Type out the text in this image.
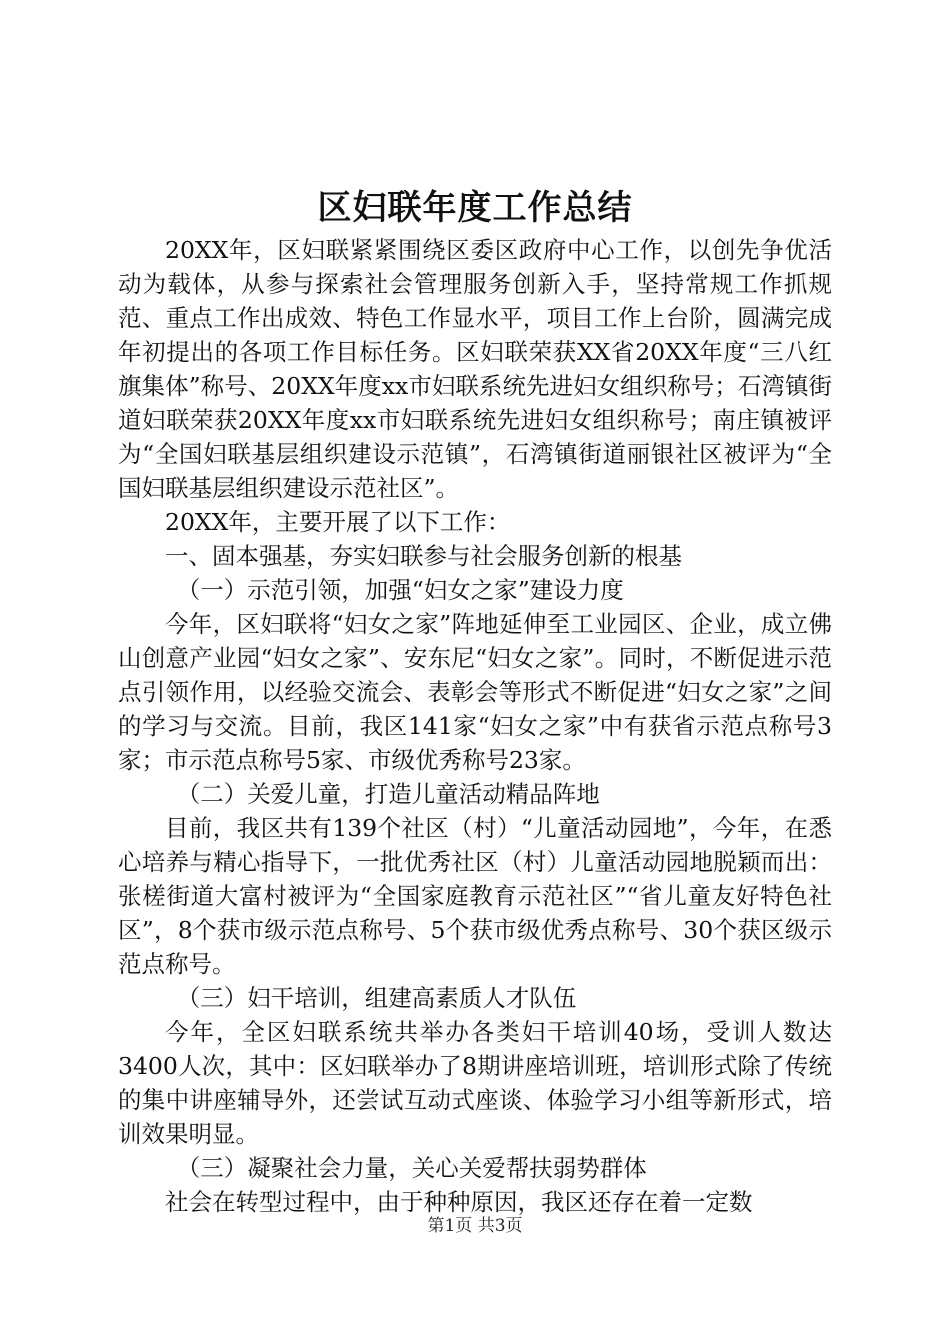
区妇联年度工作总结

20XX年，区妇联紧紧围绕区委区政府中心工作，以创先争优活动为载体，从参与探索社会管理服务创新入手，坚持常规工作抓规范、重点工作出成效、特色工作显水平，项目工作上台阶，圆满完成年初提出的各项工作目标任务。区妇联荣获XX省20XX年度“三八红旗集体”称号、20XX年度xx市妇联系统先进妇女组织称号；石湾镇街道妇联荣获20XX年度xx市妇联系统先进妇女组织称号；南庄镇被评为“全国妇联基层组织建设示范镇”，石湾镇街道丽银社区被评为“全国妇联基层组织建设示范社区”。

20XX年，主要开展了以下工作：

一、固本强基，夯实妇联参与社会服务创新的根基

（一）示范引领，加强“妇女之家”建设力度

今年，区妇联将“妇女之家”阵地延伸至工业园区、企业，成立佛山创意产业园“妇女之家”、安东尼“妇女之家”。同时，不断促进示范点引领作用，以经验交流会、表彰会等形式不断促进“妇女之家”之间的学习与交流。目前，我区141家“妇女之家”中有获省示范点称号3家；市示范点称号5家、市级优秀称号23家。

（二）关爱儿童，打造儿童活动精品阵地

目前，我区共有139个社区（村）“儿童活动园地”，今年，在悉心培养与精心指导下，一批优秀社区（村）儿童活动园地脱颖而出：张槎街道大富村被评为“全国家庭教育示范社区”“省儿童友好特色社区”，8个获市级示范点称号、5个获市级优秀点称号、30个获区级示范点称号。

（三）妇干培训，组建高素质人才队伍

今年，全区妇联系统共举办各类妇干培训40场，受训人数达3400人次，其中：区妇联举办了8期讲座培训班，培训形式除了传统的集中讲座辅导外，还尝试互动式座谈、体验学习小组等新形式，培训效果明显。

（三）凝聚社会力量，关心关爱帮扶弱势群体

社会在转型过程中，由于种种原因，我区还存在着一定数

第1页 共3页
